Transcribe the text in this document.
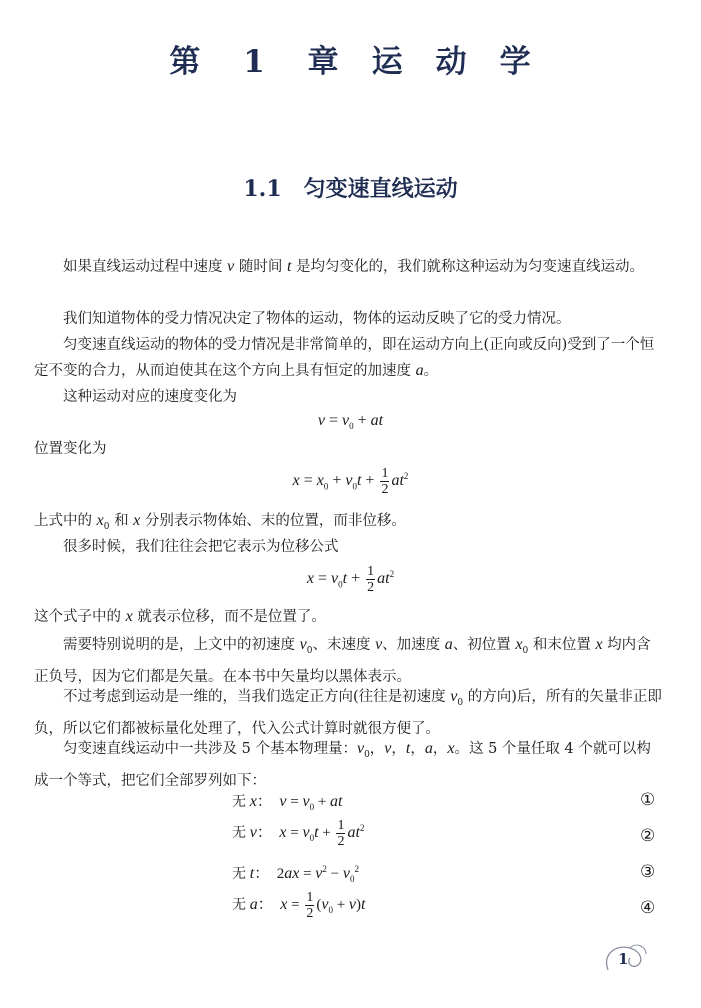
第 1 章　运　动　学
1.1　匀变速直线运动

如果直线运动过程中速度 v 随时间 t 是均匀变化的，我们就称这种运动为匀变速直线运动。

我们知道物体的受力情况决定了物体的运动，物体的运动反映了它的受力情况。

匀变速直线运动的物体的受力情况是非常简单的，即在运动方向上(正向或反向)受到了一个恒定不变的合力，从而迫使其在这个方向上具有恒定的加速度 a。

这种运动对应的速度变化为

$v = v_0$ + at

位置变化为

$x = x_0 + v_0t + \frac{1}{2} at^2$

上式中的 $x_0$ 和 x 分别表示物体始、末的位置，而非位移。

很多时候，我们往往会把它表示为位移公式

$x = v_0t + \frac{1}{2} at^2$

这个式子中的 x 就表示位移，而不是位置了。

需要特别说明的是，上文中的初速度 $v_0$、末速度 v、加速度 a、初位置 $x_0$ 和末位置 x 均内含正负号，因为它们都是矢量。在本书中矢量均以黑体表示。

不过考虑到运动是一维的，当我们选定正方向(往往是初速度 $v_0$ 的方向)后，所有的矢量非正即负，所以它们都被标量化处理了，代入公式计算时就很方便了。

匀变速直线运动中一共涉及 5 个基本物理量：$v_0$，v，t，a，x。这 5 个量任取 4 个就可以构成一个等式，把它们全部罗列如下：

无 x：  $v = v_0$ + at	①
无 v：  $x = v_0t + \frac{1}{2} at^2$	②
无 t：  $2ax = v^2 - v_0^2$	③
无 a：  $x = \frac{1}{2} (v_0 + v)t$	④
1
